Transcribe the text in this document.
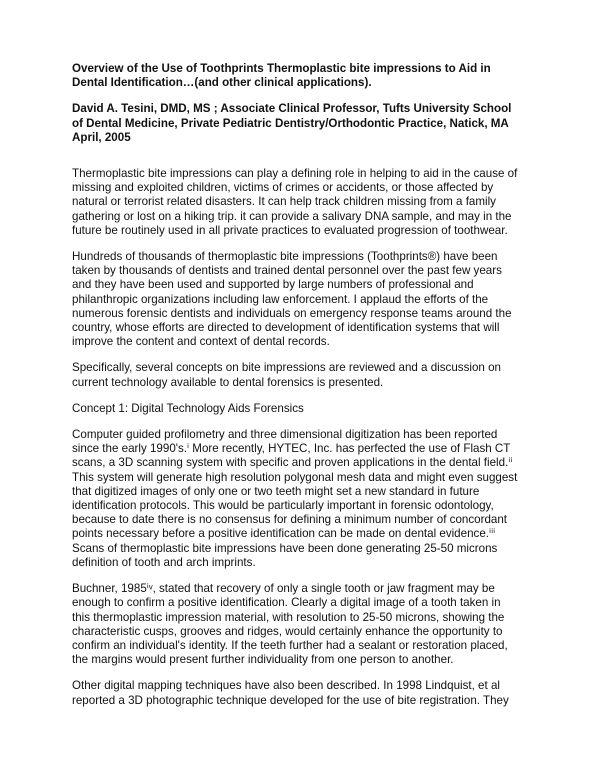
Overview of the Use of Toothprints Thermoplastic bite impressions to Aid in
Dental Identification…(and other clinical applications).
David A. Tesini, DMD, MS ; Associate Clinical Professor, Tufts University School
of Dental Medicine, Private Pediatric Dentistry/Orthodontic Practice, Natick, MA
April, 2005

Thermoplastic bite impressions can play a defining role in helping to aid in the cause of
missing and exploited children, victims of crimes or accidents, or those affected by
natural or terrorist related disasters. It can help track children missing from a family
gathering or lost on a hiking trip. it can provide a salivary DNA sample, and may in the
future be routinely used in all private practices to evaluated progression of toothwear.

Hundreds of thousands of thermoplastic bite impressions (Toothprints®) have been
taken by thousands of dentists and trained dental personnel over the past few years
and they have been used and supported by large numbers of professional and
philanthropic organizations including law enforcement. I applaud the efforts of the
numerous forensic dentists and individuals on emergency response teams around the
country, whose efforts are directed to development of identification systems that will
improve the content and context of dental records.

Specifically, several concepts on bite impressions are reviewed and a discussion on
current technology available to dental forensics is presented.

Concept 1: Digital Technology Aids Forensics

Computer guided profilometry and three dimensional digitization has been reported
since the early 1990's.ⁱ More recently, HYTEC, Inc. has perfected the use of Flash CT
scans, a 3D scanning system with specific and proven applications in the dental field.ⁱⁱ
This system will generate high resolution polygonal mesh data and might even suggest
that digitized images of only one or two teeth might set a new standard in future
identification protocols. This would be particularly important in forensic odontology,
because to date there is no consensus for defining a minimum number of concordant
points necessary before a positive identification can be made on dental evidence.ⁱⁱⁱ
Scans of thermoplastic bite impressions have been done generating 25-50 microns
definition of tooth and arch imprints.

Buchner, 1985ⁱᵛ, stated that recovery of only a single tooth or jaw fragment may be
enough to confirm a positive identification. Clearly a digital image of a tooth taken in
this thermoplastic impression material, with resolution to 25-50 microns, showing the
characteristic cusps, grooves and ridges, would certainly enhance the opportunity to
confirm an individual's identity. If the teeth further had a sealant or restoration placed,
the margins would present further individuality from one person to another.

Other digital mapping techniques have also been described. In 1998 Lindquist, et al
reported a 3D photographic technique developed for the use of bite registration. They
